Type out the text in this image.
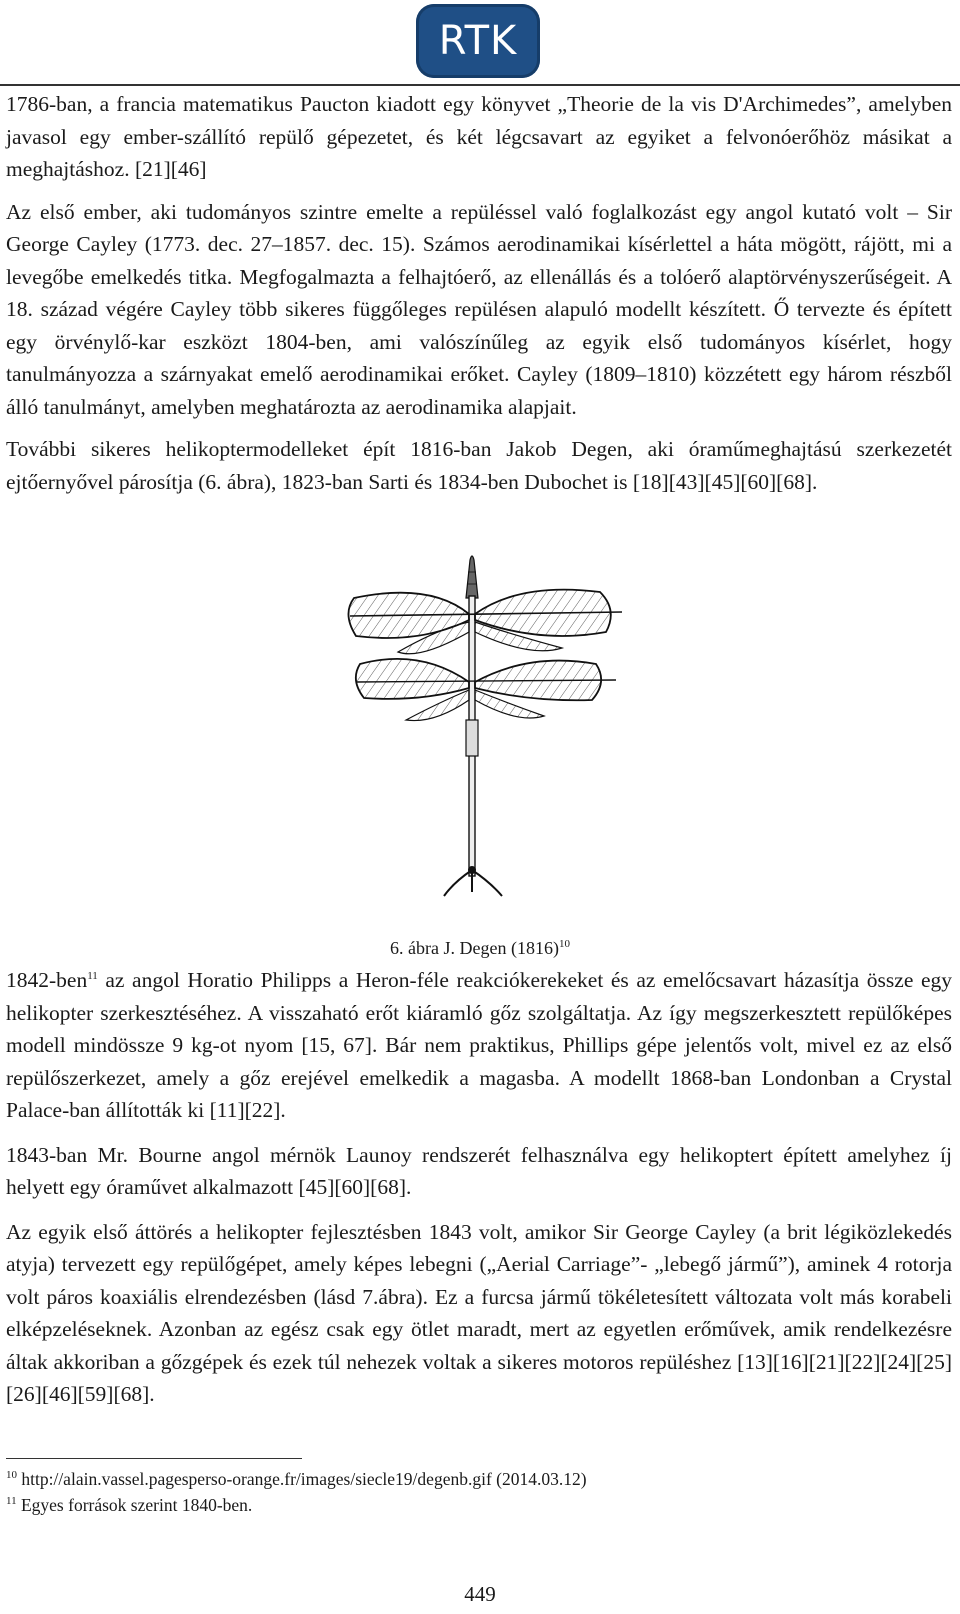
RTK

1786-ban, a francia matematikus Paucton kiadott egy könyvet „Theorie de la vis D'Archimedes”, amelyben javasol egy ember-szállító repülő gépezetet, és két légcsavart az egyiket a felvonóerőhöz másikat a meghajtáshoz. [21][46]

Az első ember, aki tudományos szintre emelte a repüléssel való foglalkozást egy angol kutató volt – Sir George Cayley (1773. dec. 27–1857. dec. 15). Számos aerodinamikai kísérlettel a háta mögött, rájött, mi a levegőbe emelkedés titka. Megfogalmazta a felhajtóerő, az ellenállás és a tolóerő alaptörvényszerűségeit. A 18. század végére Cayley több sikeres függőleges repülésen alapuló modellt készített. Ő tervezte és épített egy örvénylő-kar eszközt 1804-ben, ami valószínűleg az egyik első tudományos kísérlet, hogy tanulmányozza a szárnyakat emelő aerodinamikai erőket. Cayley (1809–1810) közzétett egy három részből álló tanulmányt, amelyben meghatározta az aerodinamika alapjait.

További sikeres helikoptermodelleket épít 1816-ban Jakob Degen, aki óraműmeghajtású szerkezetét ejtőernyővel párosítja (6. ábra), 1823-ban Sarti és 1834-ben Dubochet is [18][43][45][60][68].

6. ábra J. Degen $(1816)^{10}$

1842-ben$^{11}$ az angol Horatio Philipps a Heron-féle reakciókerekeket és az emelőcsavart házasítja össze egy helikopter szerkesztéséhez. A visszaható erőt kiáramló gőz szolgáltatja. Az így megszerkesztett repülőképes modell mindössze 9 kg-ot nyom [15, 67]. Bár nem praktikus, Phillips gépe jelentős volt, mivel ez az első repülőszerkezet, amely a gőz erejével emelkedik a magasba. A modellt 1868-ban Londonban a Crystal Palace-ban állították ki [11][22].

1843-ban Mr. Bourne angol mérnök Launoy rendszerét felhasználva egy helikoptert épített amelyhez íj helyett egy óraművet alkalmazott [45][60][68].

Az egyik első áttörés a helikopter fejlesztésben 1843 volt, amikor Sir George Cayley (a brit légiközlekedés atyja) tervezett egy repülőgépet, amely képes lebegni („Aerial Carriage”- „lebegő jármű”), aminek 4 rotorja volt páros koaxiális elrendezésben (lásd 7.ábra). Ez a furcsa jármű tökéletesített változata volt más korabeli elképzeléseknek. Azonban az egész csak egy ötlet maradt, mert az egyetlen erőművek, amik rendelkezésre áltak akkoriban a gőzgépek és ezek túl nehezek voltak a sikeres motoros repüléshez [13][16][21][22][24][25][26][46][59][68].

$^{10}$ http://alain.vassel.pagesperso-orange.fr/images/siecle19/degenb.gif (2014.03.12)

$^{11}$ Egyes források szerint 1840-ben.

449
